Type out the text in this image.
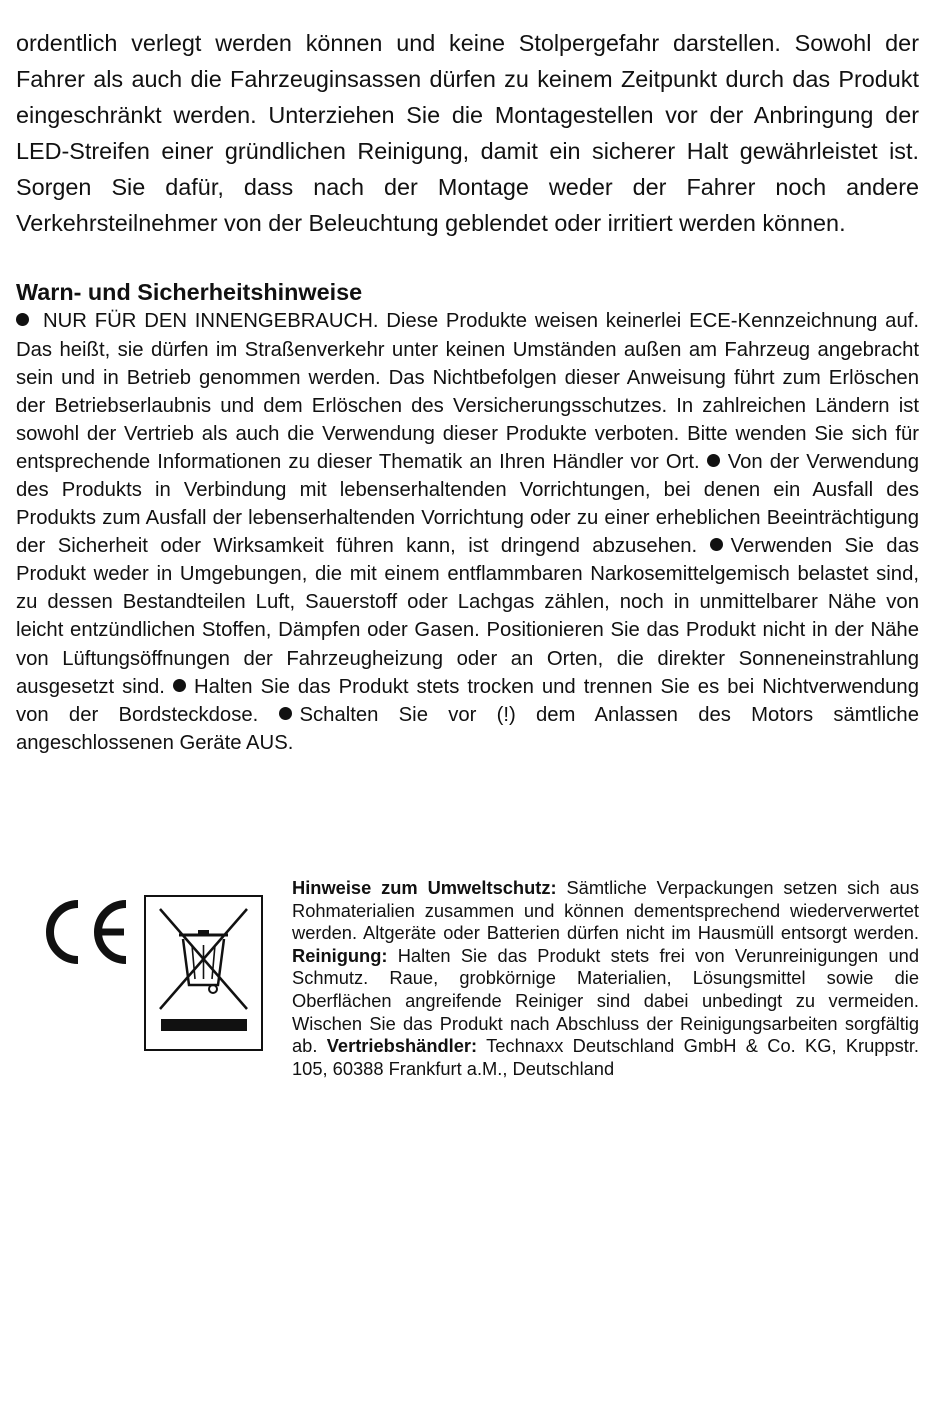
ordentlich verlegt werden können und keine Stolpergefahr darstellen. Sowohl der Fahrer als auch die Fahrzeuginsassen dürfen zu keinem Zeitpunkt durch das Produkt eingeschränkt werden. Unterziehen Sie die Montagestellen vor der Anbringung der LED-Streifen einer gründlichen Reinigung, damit ein sicherer Halt gewährleistet ist. Sorgen Sie dafür, dass nach der Montage weder der Fahrer noch andere Verkehrsteilnehmer von der Beleuchtung geblendet oder irritiert werden können.

Warn- und Sicherheitshinweise

NUR FÜR DEN INNENGEBRAUCH. Diese Produkte weisen keinerlei ECE-Kennzeichnung auf. Das heißt, sie dürfen im Straßenverkehr unter keinen Umständen außen am Fahrzeug angebracht sein und in Betrieb genommen werden. Das Nichtbefolgen dieser Anweisung führt zum Erlöschen der Betriebserlaubnis und dem Erlöschen des Versicherungsschutzes. In zahlreichen Ländern ist sowohl der Vertrieb als auch die Verwendung dieser Produkte verboten. Bitte wenden Sie sich für entsprechende Informationen zu dieser Thematik an Ihren Händler vor Ort. Von der Verwendung des Produkts in Verbindung mit lebenserhaltenden Vorrichtungen, bei denen ein Ausfall des Produkts zum Ausfall der lebenserhaltenden Vorrichtung oder zu einer erheblichen Beeinträchtigung der Sicherheit oder Wirksamkeit führen kann, ist dringend abzusehen. Verwenden Sie das Produkt weder in Umgebungen, die mit einem entflammbaren Narkosemittelgemisch belastet sind, zu dessen Bestandteilen Luft, Sauerstoff oder Lachgas zählen, noch in unmittelbarer Nähe von leicht entzündlichen Stoffen, Dämpfen oder Gasen. Positionieren Sie das Produkt nicht in der Nähe von Lüftungsöffnungen der Fahrzeugheizung oder an Orten, die direkter Sonneneinstrahlung ausgesetzt sind. Halten Sie das Produkt stets trocken und trennen Sie es bei Nichtverwendung von der Bordsteckdose. Schalten Sie vor (!) dem Anlassen des Motors sämtliche angeschlossenen Geräte AUS.

Hinweise zum Umweltschutz: Sämtliche Verpackungen setzen sich aus Rohmaterialien zusammen und können dementsprechend wiederverwertet werden. Altgeräte oder Batterien dürfen nicht im Hausmüll entsorgt werden. Reinigung: Halten Sie das Produkt stets frei von Verunreinigungen und Schmutz. Raue, grobkörnige Materialien, Lösungsmittel sowie die Oberflächen angreifende Reiniger sind dabei unbedingt zu vermeiden. Wischen Sie das Produkt nach Abschluss der Reinigungsarbeiten sorgfältig ab. Vertriebshändler: Technaxx Deutschland GmbH & Co. KG, Kruppstr. 105, 60388 Frankfurt a.M., Deutschland
